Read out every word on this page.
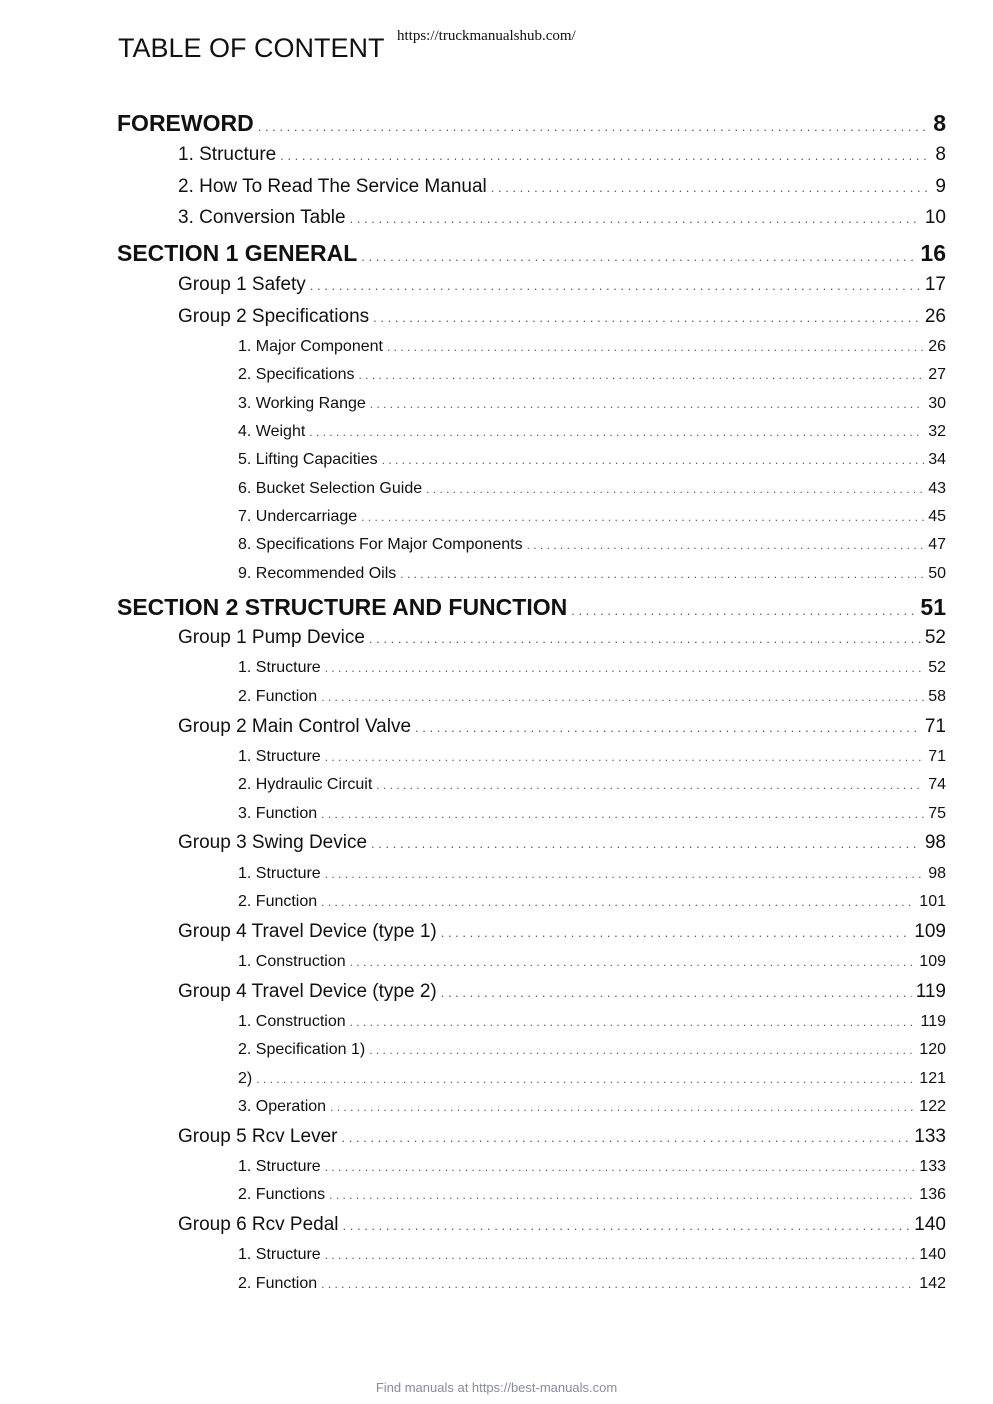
TABLE OF CONTENT https://truckmanualshub.com/
FOREWORD . . .	8
1. Structure . . .	8
2. How To Read The Service Manual . . .	9
3. Conversion Table . . .	10
SECTION 1 GENERAL . . .	16
Group 1 Safety . . .	17
Group 2 Specifications . . .	26
1. Major Component . . .	26
2. Specifications . . .	27
3. Working Range . . .	30
4. Weight . . .	32
5. Lifting Capacities . . .	34
6. Bucket Selection Guide . . .	43
7. Undercarriage . . .	45
8. Specifications For Major Components . . .	47
9. Recommended Oils . . .	50
SECTION 2 STRUCTURE AND FUNCTION . . .	51
Group 1 Pump Device . . .	52
1. Structure . . .	52
2. Function . . .	58
Group 2 Main Control Valve . . .	71
1. Structure . . .	71
2. Hydraulic Circuit . . .	74
3. Function . . .	75
Group 3 Swing Device . . .	98
1. Structure . . .	98
2. Function . . .	101
Group 4 Travel Device (type 1) . . .	109
1. Construction . . .	109
Group 4 Travel Device (type 2) . . .	119
1. Construction . . .	119
2. Specification 1) . . .	120
2) . . .	121
3. Operation . . .	122
Group 5 Rcv Lever . . .	133
1. Structure . . .	133
2. Functions . . .	136
Group 6 Rcv Pedal . . .	140
1. Structure . . .	140
2. Function . . .	142
Find manuals at https://best-manuals.com
